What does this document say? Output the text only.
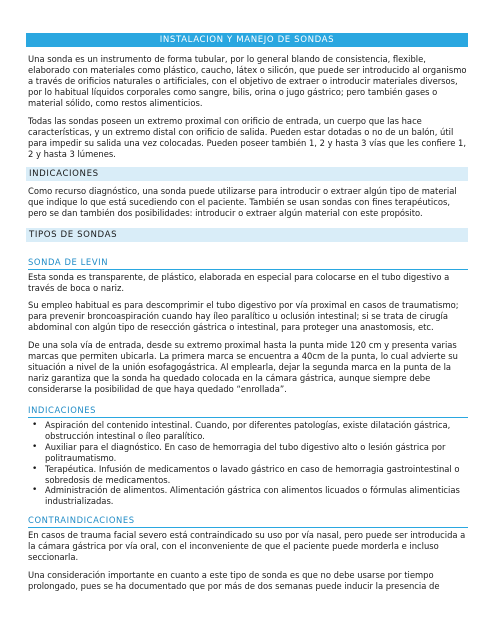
INSTALACION Y MANEJO DE SONDAS

Una sonda es un instrumento de forma tubular, por lo general blando de consistencia, flexible, elaborado con materiales como plástico, caucho, látex o silicón, que puede ser introducido al organismo a través de orificios naturales o artificiales, con el objetivo de extraer o introducir materiales diversos, por lo habitual líquidos corporales como sangre, bilis, orina o jugo gástrico; pero también gases o material sólido, como restos alimenticios.

Todas las sondas poseen un extremo proximal con orificio de entrada, un cuerpo que las hace características, y un extremo distal con orificio de salida. Pueden estar dotadas o no de un balón, útil para impedir su salida una vez colocadas. Pueden poseer también 1, 2 y hasta 3 vías que les confiere 1, 2 y hasta 3 lúmenes.

INDICACIONES

Como recurso diagnóstico, una sonda puede utilizarse para introducir o extraer algún tipo de material que indique lo que está sucediendo con el paciente. También se usan sondas con fines terapéuticos, pero se dan también dos posibilidades: introducir o extraer algún material con este propósito.

TIPOS DE SONDAS
SONDA DE LEVIN

Esta sonda es transparente, de plástico, elaborada en especial para colocarse en el tubo digestivo a través de boca o nariz.

Su empleo habitual es para descomprimir el tubo digestivo por vía proximal en casos de traumatismo; para prevenir broncoaspiración cuando hay íleo paralítico u oclusión intestinal; si se trata de cirugía abdominal con algún tipo de resección gástrica o intestinal, para proteger una anastomosis, etc.

De una sola vía de entrada, desde su extremo proximal hasta la punta mide 120 cm y presenta varias marcas que permiten ubicarla. La primera marca se encuentra a 40cm de la punta, lo cual advierte su situación a nivel de la unión esofagogástrica. Al emplearla, dejar la segunda marca en la punta de la nariz garantiza que la sonda ha quedado colocada en la cámara gástrica, aunque siempre debe considerarse la posibilidad de que haya quedado “enrollada”.

INDICACIONES
• Aspiración del contenido intestinal. Cuando, por diferentes patologías, existe dilatación gástrica, obstrucción intestinal o íleo paralítico.
• Auxiliar para el diagnóstico. En caso de hemorragia del tubo digestivo alto o lesión gástrica por politraumatismo.
• Terapéutica. Infusión de medicamentos o lavado gástrico en caso de hemorragia gastrointestinal o sobredosis de medicamentos.
• Administración de alimentos. Alimentación gástrica con alimentos licuados o fórmulas alimenticias industrializadas.
CONTRAINDICACIONES

En casos de trauma facial severo está contraindicado su uso por vía nasal, pero puede ser introducida a la cámara gástrica por vía oral, con el inconveniente de que el paciente puede morderla e incluso seccionarla.

Una consideración importante en cuanto a este tipo de sonda es que no debe usarse por tiempo prolongado, pues se ha documentado que por más de dos semanas puede inducir la presencia de
